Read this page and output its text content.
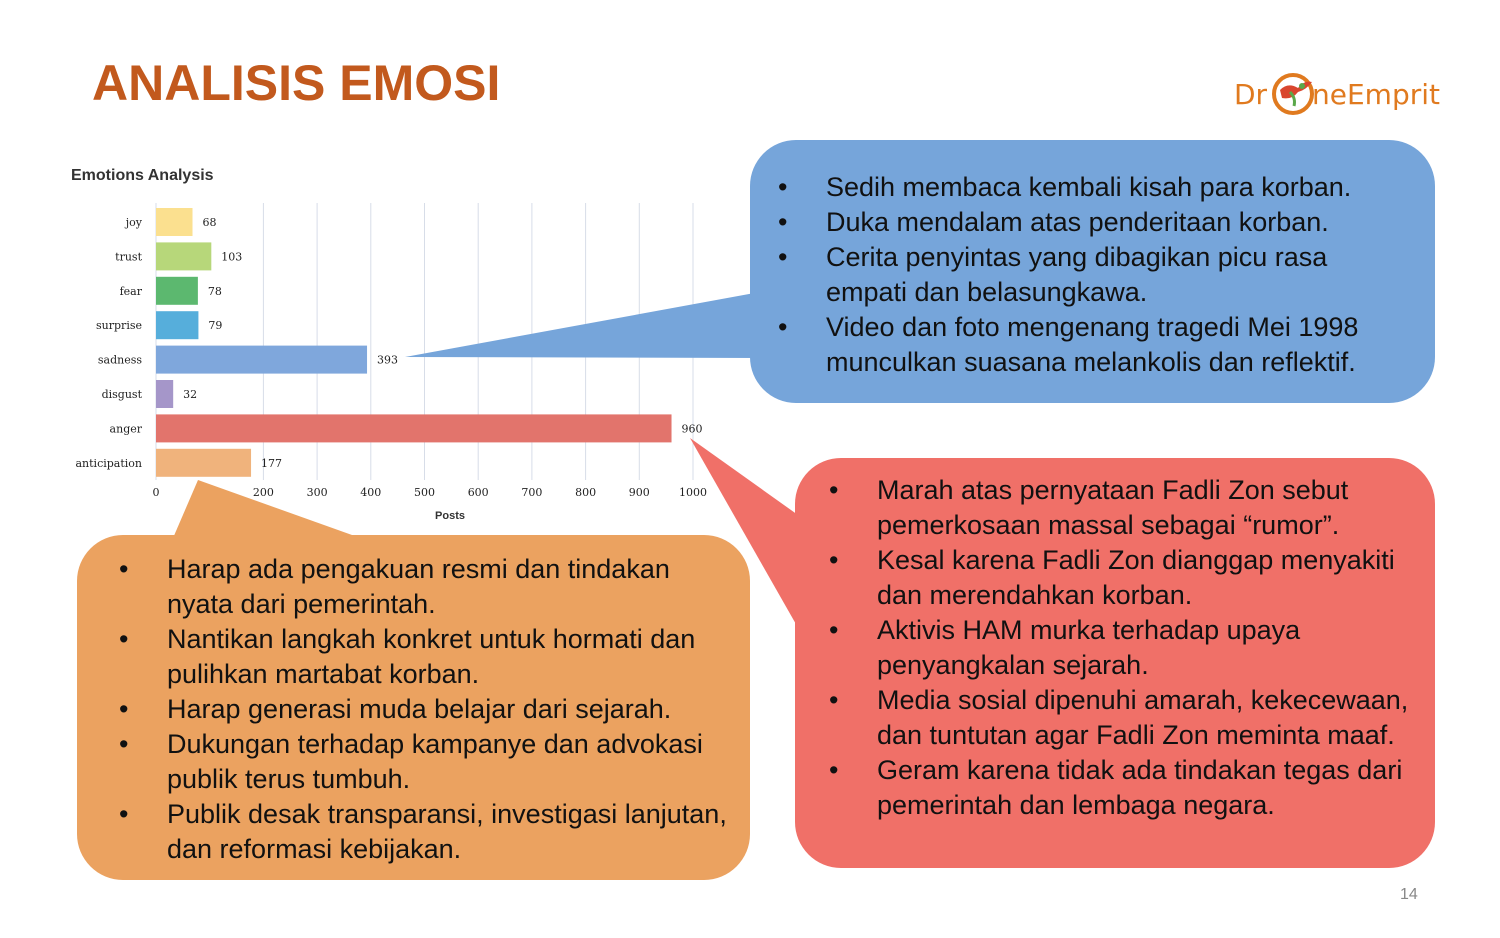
ANALISIS EMOSI	Dr neEmprit
Emotions Analysis
68
103
78
79
393
32
960
177
joy
trust
fear
surprise
sadness
disgust
anger
anticipation
0	200	300	400	500	600	700	800	900	1000
Posts
• Sedih membaca kembali kisah para korban.
• Duka mendalam atas penderitaan korban.
• Cerita penyintas yang dibagikan picu rasa empati dan belasungkawa.
• Video dan foto mengenang tragedi Mei 1998 munculkan suasana melankolis dan reflektif.
• Marah atas pernyataan Fadli Zon sebut pemerkosaan massal sebagai “rumor”.
• Kesal karena Fadli Zon dianggap menyakiti dan merendahkan korban.
• Aktivis HAM murka terhadap upaya penyangkalan sejarah.
• Media sosial dipenuhi amarah, kekecewaan, dan tuntutan agar Fadli Zon meminta maaf.
• Geram karena tidak ada tindakan tegas dari pemerintah dan lembaga negara.
• Harap ada pengakuan resmi dan tindakan nyata dari pemerintah.
• Nantikan langkah konkret untuk hormati dan pulihkan martabat korban.
• Harap generasi muda belajar dari sejarah.
• Dukungan terhadap kampanye dan advokasi publik terus tumbuh.
• Publik desak transparansi, investigasi lanjutan, dan reformasi kebijakan.
14
